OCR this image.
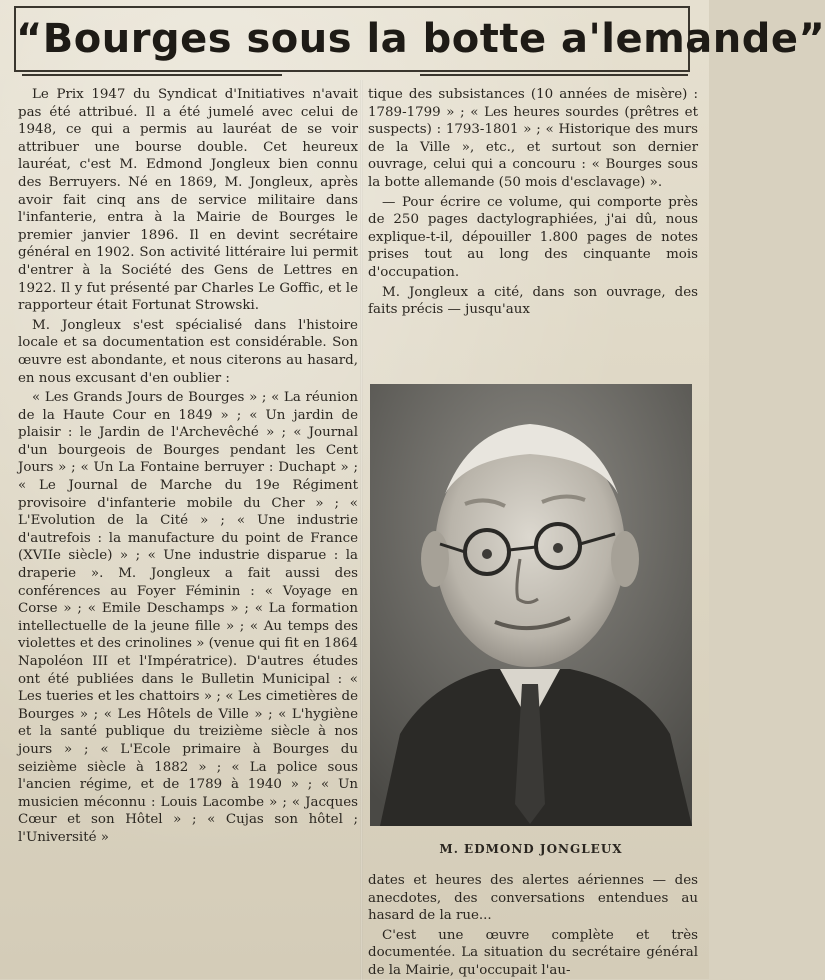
“Bourges sous la botte a'lemande”

Le Prix 1947 du Syndicat d'Initiatives n'avait pas été attribué. Il a été jumelé avec celui de 1948, ce qui a permis au lauréat de se voir attribuer une bourse double. Cet heureux lauréat, c'est M. Edmond Jongleux bien connu des Berruyers. Né en 1869, M. Jongleux, après avoir fait cinq ans de service militaire dans l'infanterie, entra à la Mairie de Bourges le premier janvier 1896. Il en devint secrétaire général en 1902. Son activité littéraire lui permit d'entrer à la Société des Gens de Lettres en 1922. Il y fut présenté par Charles Le Goffic, et le rapporteur était Fortunat Strowski.

M. Jongleux s'est spécialisé dans l'histoire locale et sa documentation est considérable. Son œuvre est abondante, et nous citerons au hasard, en nous excusant d'en oublier :

« Les Grands Jours de Bourges » ; « La réunion de la Haute Cour en 1849 » ; « Un jardin de plaisir : le Jardin de l'Archevêché » ; « Journal d'un bourgeois de Bourges pendant les Cent Jours » ; « Un La Fontaine berruyer : Duchapt » ; « Le Journal de Marche du 19e Régiment provisoire d'infanterie mobile du Cher » ; « L'Evolution de la Cité » ; « Une industrie d'autrefois : la manufacture du point de France (XVIIe siècle) » ; « Une industrie disparue : la draperie ». M. Jongleux a fait aussi des conférences au Foyer Féminin : « Voyage en Corse » ; « Emile Deschamps » ; « La formation intellectuelle de la jeune fille » ; « Au temps des violettes et des crinolines » (venue qui fit en 1864 Napoléon III et l'Impératrice). D'autres études ont été publiées dans le Bulletin Municipal : « Les tueries et les chattoirs » ; « Les cimetières de Bourges » ; « Les Hôtels de Ville » ; « L'hygiène et la santé publique du treizième siècle à nos jours » ; « L'Ecole primaire à Bourges du seizième siècle à 1882 » ; « La police sous l'ancien régime, et de 1789 à 1940 » ; « Un musicien méconnu : Louis Lacombe » ; « Jacques Cœur et son Hôtel » ; « Cujas son hôtel ; l'Université »

tique des subsistances (10 années de misère) : 1789-1799 » ; « Les heures sourdes (prêtres et suspects) : 1793-1801 » ; « Historique des murs de la Ville », etc., et surtout son dernier ouvrage, celui qui a concouru : « Bourges sous la botte allemande (50 mois d'esclavage) ».

— Pour écrire ce volume, qui comporte près de 250 pages dactylographiées, j'ai dû, nous explique-t-il, dépouiller 1.800 pages de notes prises tout au long des cinquante mois d'occupation.

M. Jongleux a cité, dans son ouvrage, des faits précis — jusqu'aux

M. EDMOND JONGLEUX

dates et heures des alertes aériennes — des anecdotes, des conversations entendues au hasard de la rue...

C'est une œuvre complète et très documentée. La situation du secrétaire général de la Mairie, qu'occupait l'au-
